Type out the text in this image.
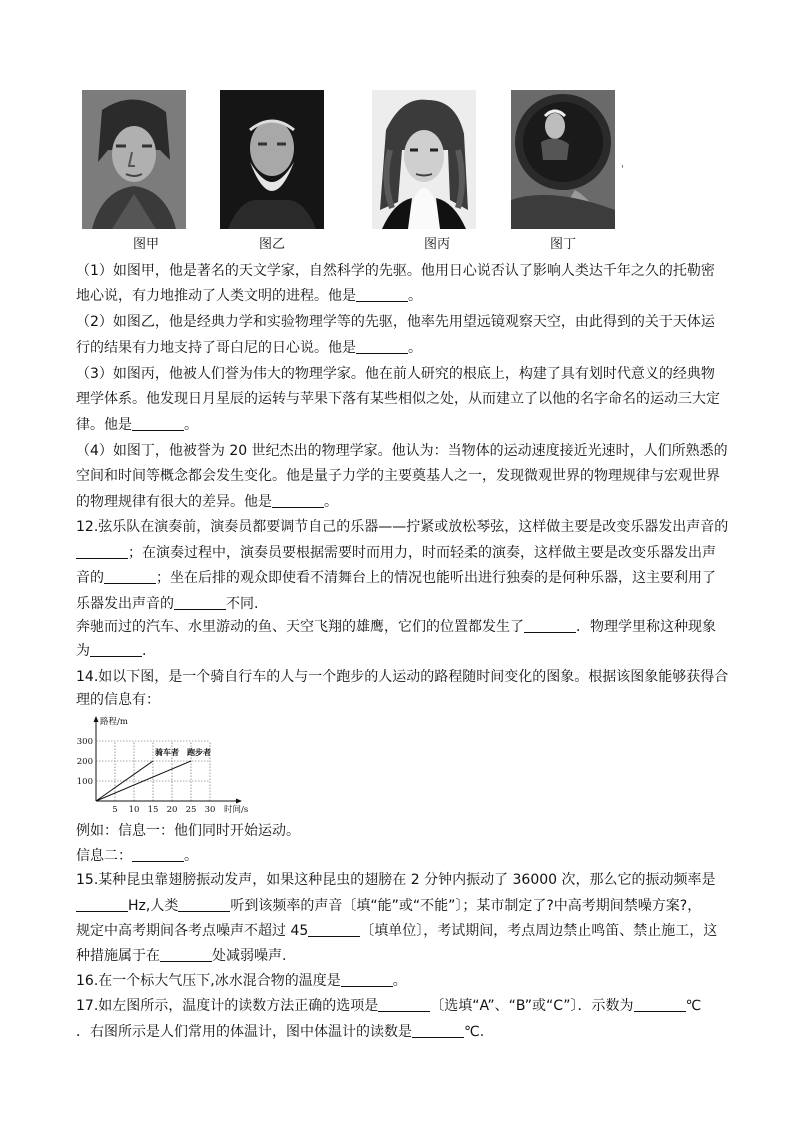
图甲	图乙	图丙	图丁
'
（1）如图甲，他是著名的天文学家，自然科学的先驱。他用日心说否认了影响人类达千年之久的托勒密
地心说，有力地推动了人类文明的进程。他是	。
（2）如图乙，他是经典力学和实验物理学等的先驱，他率先用望远镜观察天空，由此得到的关于天体运
行的结果有力地支持了哥白尼的日心说。他是	。
（3）如图丙，他被人们誉为伟大的物理学家。他在前人研究的根底上，构建了具有划时代意义的经典物
理学体系。他发现日月星辰的运转与苹果下落有某些相似之处，从而建立了以他的名字命名的运动三大定
律。他是	。
（4）如图丁，他被誉为 20 世纪杰出的物理学家。他认为：当物体的运动速度接近光速时，人们所熟悉的
空间和时间等概念都会发生变化。他是量子力学的主要奠基人之一，发现微观世界的物理规律与宏观世界
的物理规律有很大的差异。他是	。
12.弦乐队在演奏前，演奏员都要调节自己的乐器——拧紧或放松琴弦，这样做主要是改变乐器发出声音的
；在演奏过程中，演奏员要根据需要时而用力，时而轻柔的演奏，这样做主要是改变乐器发出声
音的	；坐在后排的观众即使看不清舞台上的情况也能听出进行独奏的是何种乐器，这主要利用了
乐器发出声音的	不同.
奔驰而过的汽车、水里游动的鱼、天空飞翔的雄鹰，它们的位置都发生了	．物理学里称这种现象
为	.
14.如以下图，是一个骑自行车的人与一个跑步的人运动的路程随时间变化的图象。根据该图象能够获得合
理的信息有：
5 10 15 20 25 30
100
200
300
路程/m
时间/s
骑车者 跑步者
例如：信息一：他们同时开始运动。
信息二：	。
15.某种昆虫靠翅膀振动发声，如果这种昆虫的翅膀在 2 分钟内振动了 36000 次，那么它的振动频率是
Hz,人类	听到该频率的声音〔填“能”或“不能”〕；某市制定了?中高考期间禁噪方案?，
规定中高考期间各考点噪声不超过 45	〔填单位〕，考试期间，考点周边禁止鸣笛、禁止施工，这
种措施属于在	处减弱噪声.
16.在一个标大气压下,冰水混合物的温度是	。
17.如左图所示，温度计的读数方法正确的选项是	〔选填“A”、“B”或“C”〕．示数为	℃
．右图所示是人们常用的体温计，图中体温计的读数是	℃.
